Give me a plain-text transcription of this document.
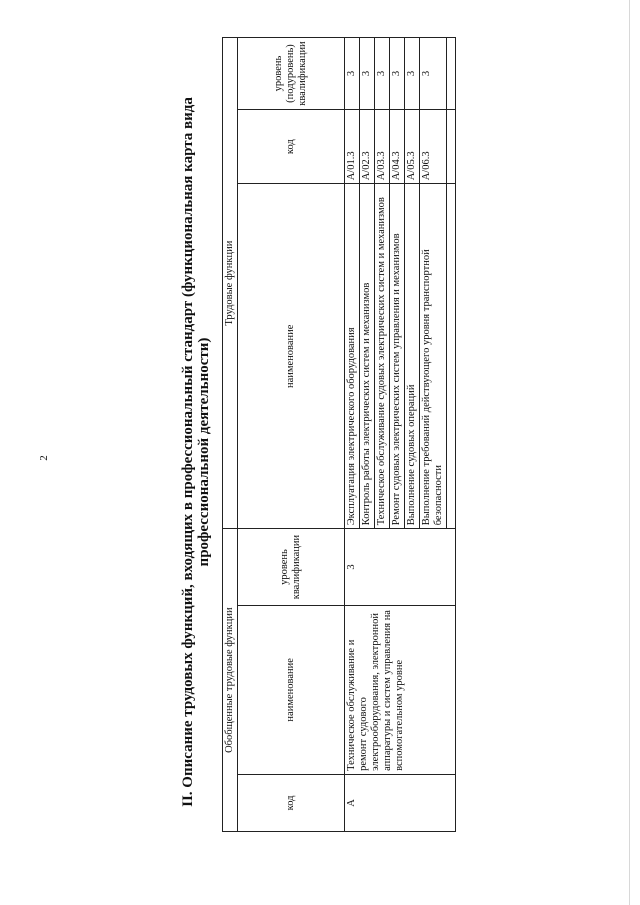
2	II. Описание трудовых функций, входящих в профессиональный стандарт (функциональная карта вида профессиональной деятельности)
Обобщенные трудовые функции			Трудовые функции		
код	наименование	уровень квалификации	наименование	код	уровень (подуровень) квалификации
А	Техническое обслуживание и ремонт судового электрооборудования, электронной аппаратуры и систем управления на вспомогательном уровне	3	Эксплуатация электрического оборудования	А/01.3	3
			Контроль работы электрических систем и механизмов	А/02.3	3
			Техническое обслуживание судовых электрических систем и механизмов	А/03.3	3
			Ремонт судовых электрических систем управления и механизмов	А/04.3	3
			Выполнение судовых операций	А/05.3	3
			Выполнение требований действующего уровня транспортной безопасности	А/06.3	3
